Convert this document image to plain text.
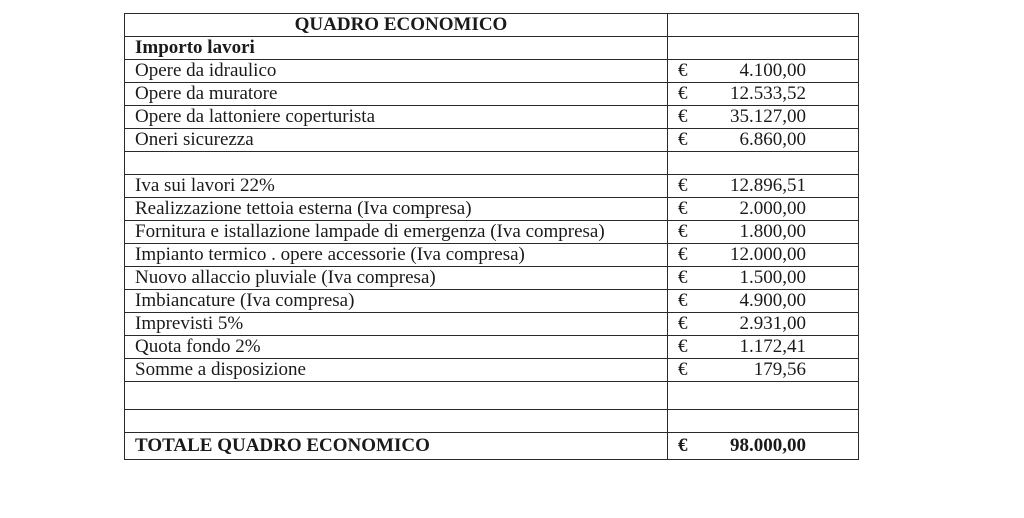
QUADRO ECONOMICO	
Importo lavori	
Opere da idraulico	€ 4.100,00

Opere da muratore	€ 12.533,52

Opere da lattoniere coperturista	€ 35.127,00

Oneri sicurezza	€ 6.860,00

Iva sui lavori 22%	€ 12.896,51

Realizzazione tettoia esterna (Iva compresa)	€ 2.000,00

Fornitura e istallazione lampade di emergenza (Iva compresa)	€ 1.800,00

Impianto termico . opere accessorie (Iva compresa)	€ 12.000,00

Nuovo allaccio pluviale (Iva compresa)	€ 1.500,00

Imbiancature (Iva compresa)	€ 4.900,00

Imprevisti 5%	€ 2.931,00

Quota fondo 2%	€ 1.172,41

Somme a disposizione	€ 179,56

TOTALE QUADRO ECONOMICO	€ 98.000,00
